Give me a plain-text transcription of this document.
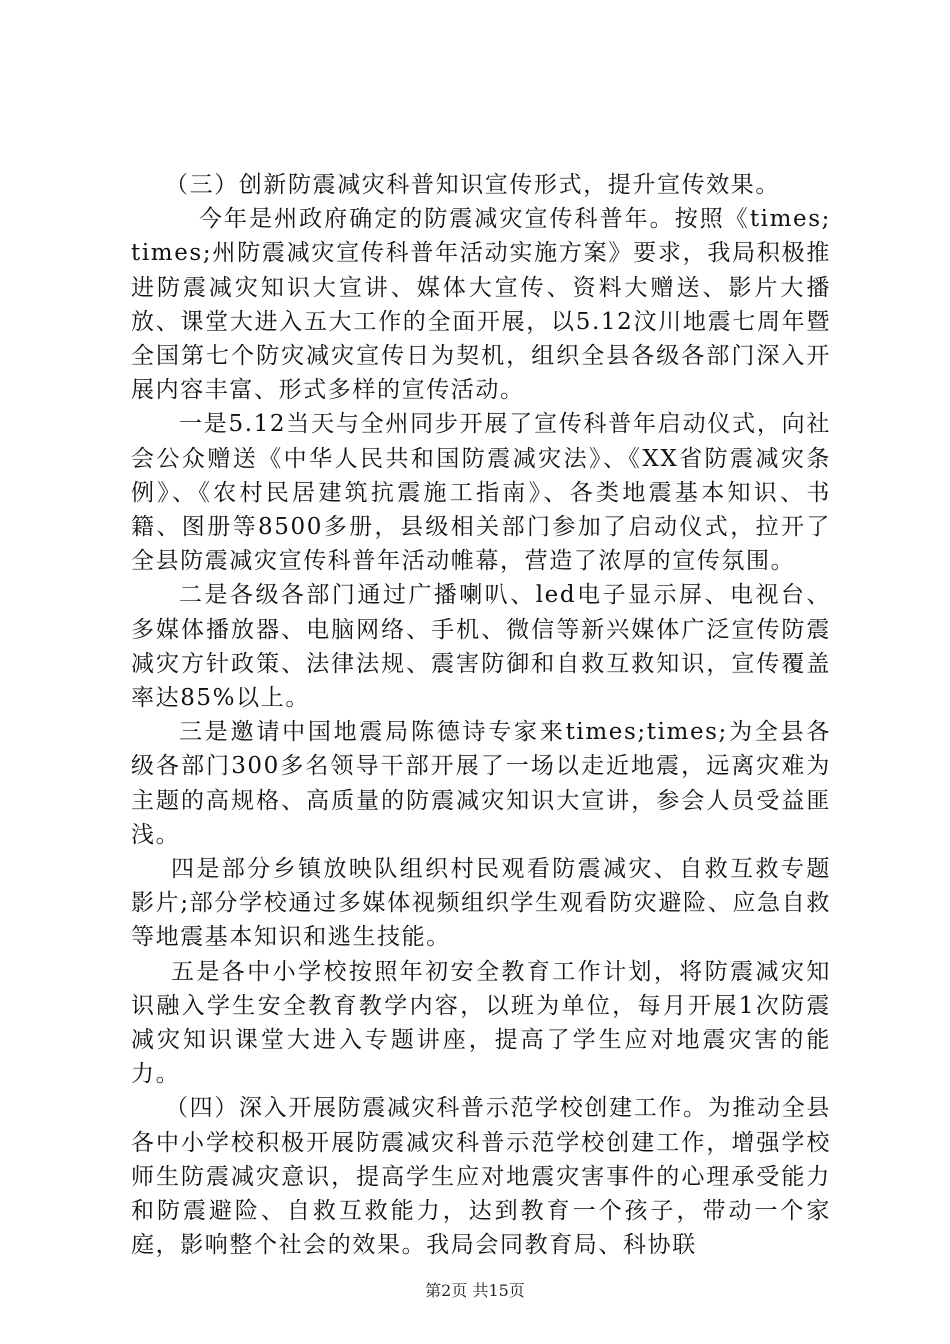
（三）创新防震减灾科普知识宣传形式，提升宣传效果。

今年是州政府确定的防震减灾宣传科普年。按照《times;times;州防震减灾宣传科普年活动实施方案》要求，我局积极推进防震减灾知识大宣讲、媒体大宣传、资料大赠送、影片大播放、课堂大进入五大工作的全面开展，以5.12汶川地震七周年暨全国第七个防灾减灾宣传日为契机，组织全县各级各部门深入开展内容丰富、形式多样的宣传活动。

一是5.12当天与全州同步开展了宣传科普年启动仪式，向社会公众赠送《中华人民共和国防震减灾法》、《XX省防震减灾条例》、《农村民居建筑抗震施工指南》、各类地震基本知识、书籍、图册等8500多册，县级相关部门参加了启动仪式，拉开了全县防震减灾宣传科普年活动帷幕，营造了浓厚的宣传氛围。

二是各级各部门通过广播喇叭、led电子显示屏、电视台、多媒体播放器、电脑网络、手机、微信等新兴媒体广泛宣传防震减灾方针政策、法律法规、震害防御和自救互救知识，宣传覆盖率达85%以上。

三是邀请中国地震局陈德诗专家来times;times;为全县各级各部门300多名领导干部开展了一场以走近地震，远离灾难为主题的高规格、高质量的防震减灾知识大宣讲，参会人员受益匪浅。

四是部分乡镇放映队组织村民观看防震减灾、自救互救专题影片;部分学校通过多媒体视频组织学生观看防灾避险、应急自救等地震基本知识和逃生技能。

五是各中小学校按照年初安全教育工作计划，将防震减灾知识融入学生安全教育教学内容，以班为单位，每月开展1次防震减灾知识课堂大进入专题讲座，提高了学生应对地震灾害的能力。

（四）深入开展防震减灾科普示范学校创建工作。为推动全县各中小学校积极开展防震减灾科普示范学校创建工作，增强学校师生防震减灾意识，提高学生应对地震灾害事件的心理承受能力和防震避险、自救互救能力，达到教育一个孩子，带动一个家庭，影响整个社会的效果。我局会同教育局、科协联

第2页 共15页
